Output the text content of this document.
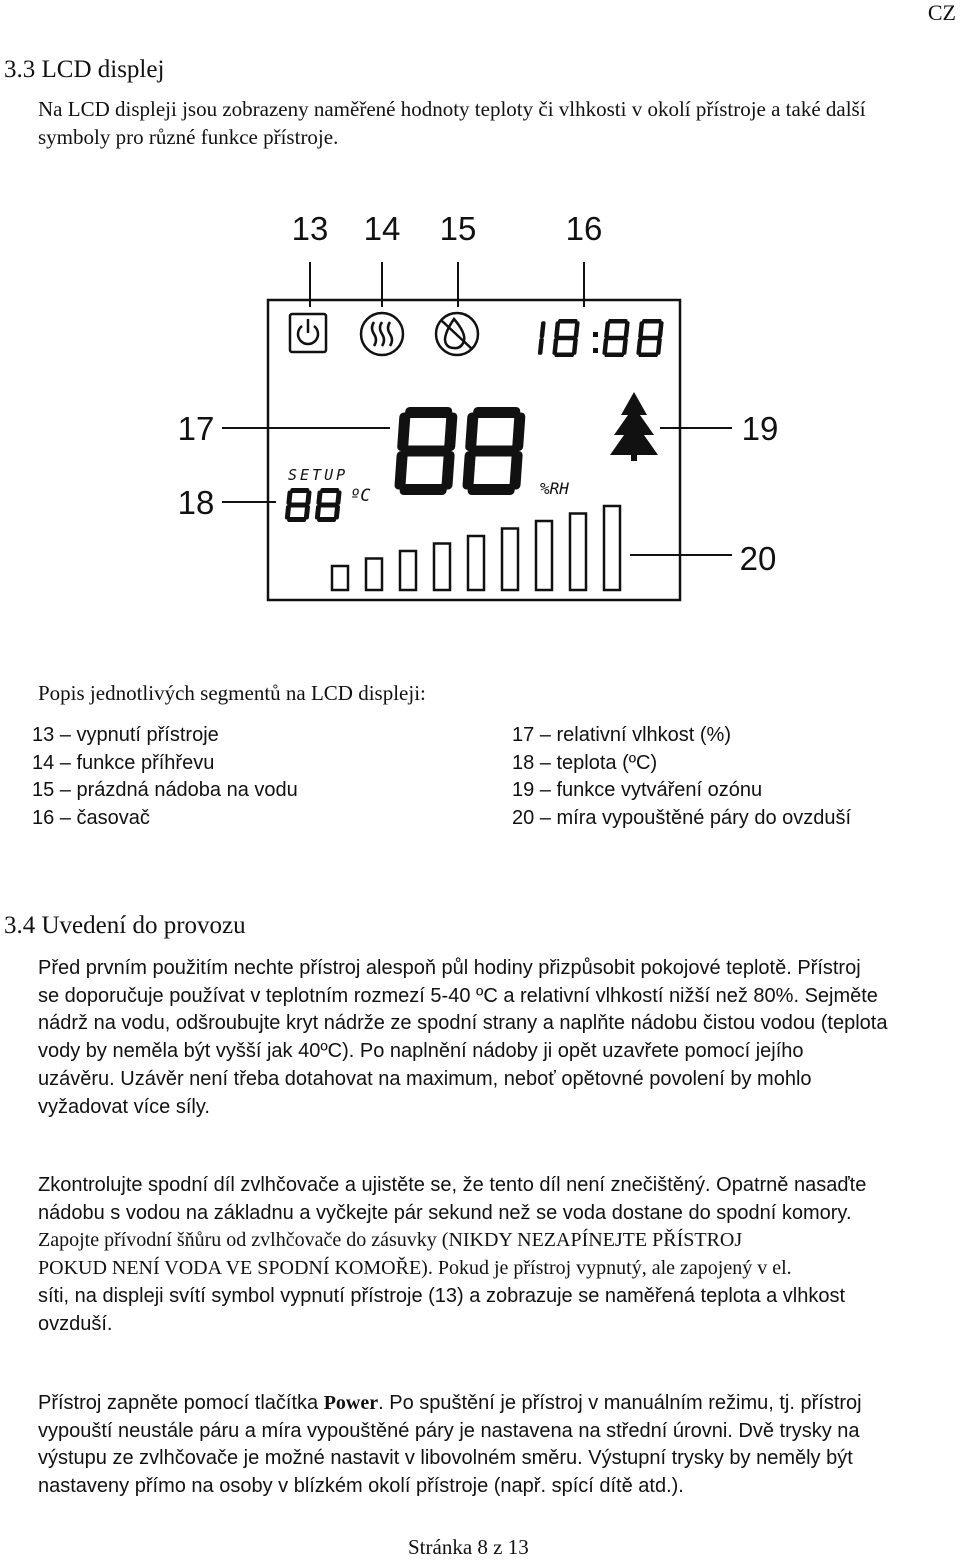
CZ
3.3 LCD displej
Na LCD displeji jsou zobrazeny naměřené hodnoty teploty či vlhkosti v okolí přístroje a také další symboly pro různé funkce přístroje.
13 14 15	16
17
18
19
20
%RH
SETUP
ºC
Popis jednotlivých segmentů na LCD displeji:
13 – vypnutí přístroje
14 – funkce příhřevu
15 – prázdná nádoba na vodu
16 – časovač
17 – relativní vlhkost (%)
18 – teplota (ºC)
19 – funkce vytváření ozónu
20 – míra vypouštěné páry do ovzduší
3.4 Uvedení do provozu
Před prvním použitím nechte přístroj alespoň půl hodiny přizpůsobit pokojové teplotě. Přístroj
se doporučuje používat v teplotním rozmezí 5-40 ºC a relativní vlhkostí nižší než 80%. Sejměte
nádrž na vodu, odšroubujte kryt nádrže ze spodní strany a naplňte nádobu čistou vodou (teplota
vody by neměla být vyšší jak 40ºC). Po naplnění nádoby ji opět uzavřete pomocí jejího
uzávěru. Uzávěr není třeba dotahovat na maximum, neboť opětovné povolení by mohlo
vyžadovat více síly.
Zkontrolujte spodní díl zvlhčovače a ujistěte se, že tento díl není znečištěný. Opatrně nasaďte
nádobu s vodou na základnu a vyčkejte pár sekund než se voda dostane do spodní komory.
Zapojte přívodní šňůru od zvlhčovače do zásuvky (NIKDY NEZAPÍNEJTE PŘÍSTROJ
POKUD NENÍ VODA VE SPODNÍ KOMOŘE). Pokud je přístroj vypnutý, ale zapojený v el.
síti, na displeji svítí symbol vypnutí přístroje (13) a zobrazuje se naměřená teplota a vlhkost
ovzduší.
Přístroj zapněte pomocí tlačítka Power. Po spuštění je přístroj v manuálním režimu, tj. přístroj
vypouští neustále páru a míra vypouštěné páry je nastavena na střední úrovni. Dvě trysky na
výstupu ze zvlhčovače je možné nastavit v libovolném směru. Výstupní trysky by neměly být
nastaveny přímo na osoby v blízkém okolí přístroje (např. spící dítě atd.).
Stránka 8 z 13
